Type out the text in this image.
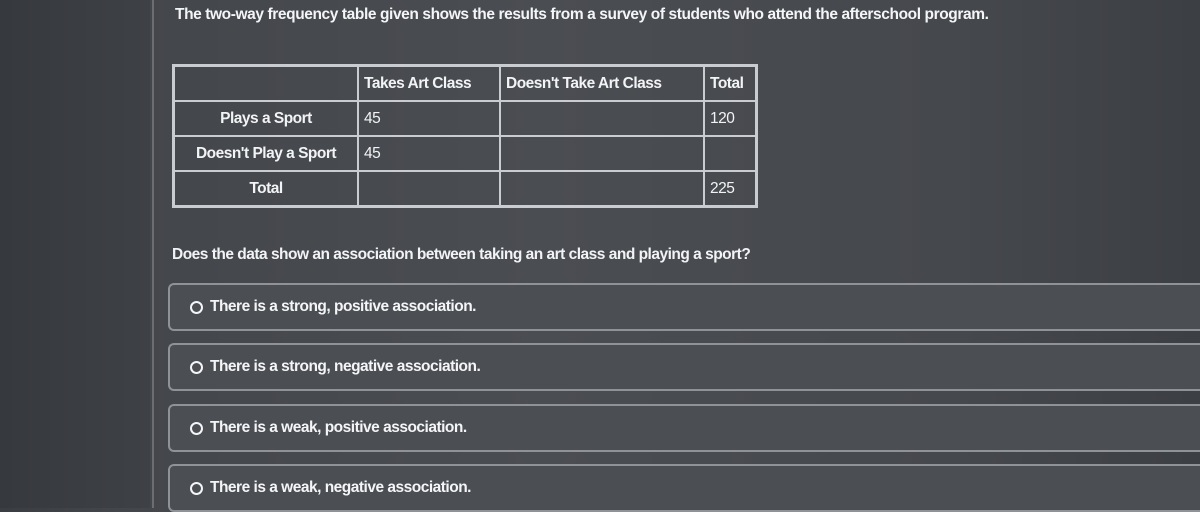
The two-way frequency table given shows the results from a survey of students who attend the afterschool program.
	Takes Art Class	Doesn't Take Art Class	Total
Plays a Sport	45		120
Doesn't Play a Sport	45		
Total			225
Does the data show an association between taking an art class and playing a sport?
There is a strong, positive association.
There is a strong, negative association.
There is a weak, positive association.
There is a weak, negative association.
